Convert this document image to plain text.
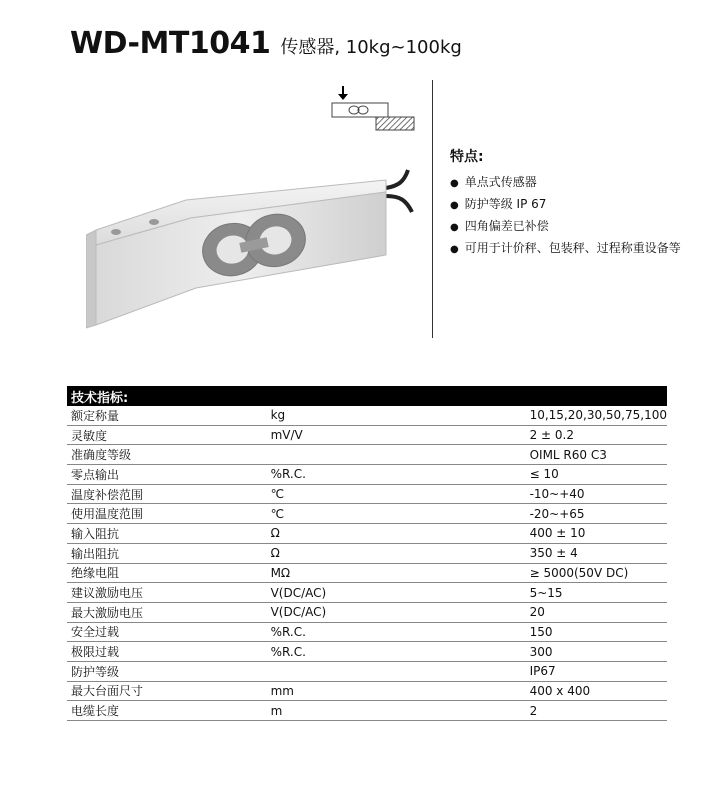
WD-MT1041 传感器, 10kg~100kg
特点:
● 单点式传感器
● 防护等级 IP 67
● 四角偏差已补偿
● 可用于计价秤、包装秤、过程称重设备等
技术指标:		
额定称量	kg	10,15,20,30,50,75,100
灵敏度	mV/V	2 ± 0.2
准确度等级		OIML R60 C3
零点输出	%R.C.	≤ 10
温度补偿范围	℃	-10~+40
使用温度范围	℃	-20~+65
输入阻抗	Ω	400 ± 10
输出阻抗	Ω	350 ± 4
绝缘电阻	MΩ	≥ 5000(50V DC)
建议激励电压	V(DC/AC)	5~15
最大激励电压	V(DC/AC)	20
安全过载	%R.C.	150
极限过载	%R.C.	300
防护等级		IP67
最大台面尺寸	mm	400 x 400
电缆长度	m	2
